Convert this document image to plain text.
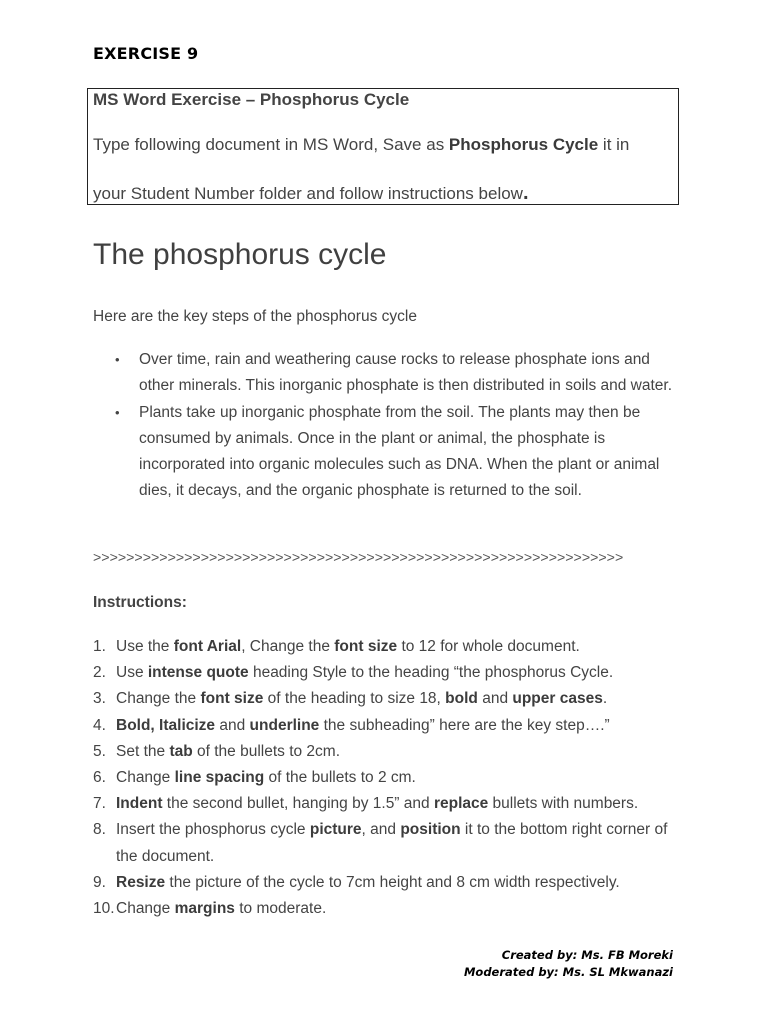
EXERCISE 9
MS Word Exercise – Phosphorus Cycle
Type following document in MS Word, Save as Phosphorus Cycle it in
your Student Number folder and follow instructions below.
The phosphorus cycle
Here are the key steps of the phosphorus cycle
• Over time, rain and weathering cause rocks to release phosphate ions and other minerals. This inorganic phosphate is then distributed in soils and water.
• Plants take up inorganic phosphate from the soil. The plants may then be consumed by animals. Once in the plant or animal, the phosphate is incorporated into organic molecules such as DNA. When the plant or animal dies, it decays, and the organic phosphate is returned to the soil.
>>>>>>>>>>>>>>>>>>>>>>>>>>>>>>>>>>>>>>>>>>>>>>>>>>>>>>>>>>>>>>>>
Instructions:
1. Use the font Arial, Change the font size to 12 for whole document.
2. Use intense quote heading Style to the heading “the phosphorus Cycle.
3. Change the font size of the heading to size 18, bold and upper cases.
4. Bold, Italicize and underline the subheading” here are the key step….”
5. Set the tab of the bullets to 2cm.
6. Change line spacing of the bullets to 2 cm.
7. Indent the second bullet, hanging by 1.5” and replace bullets with numbers.
8. Insert the phosphorus cycle picture, and position it to the bottom right corner of the document.
9. Resize the picture of the cycle to 7cm height and 8 cm width respectively.
10. Change margins to moderate.
Created by: Ms. FB Moreki
Moderated by: Ms. SL Mkwanazi
